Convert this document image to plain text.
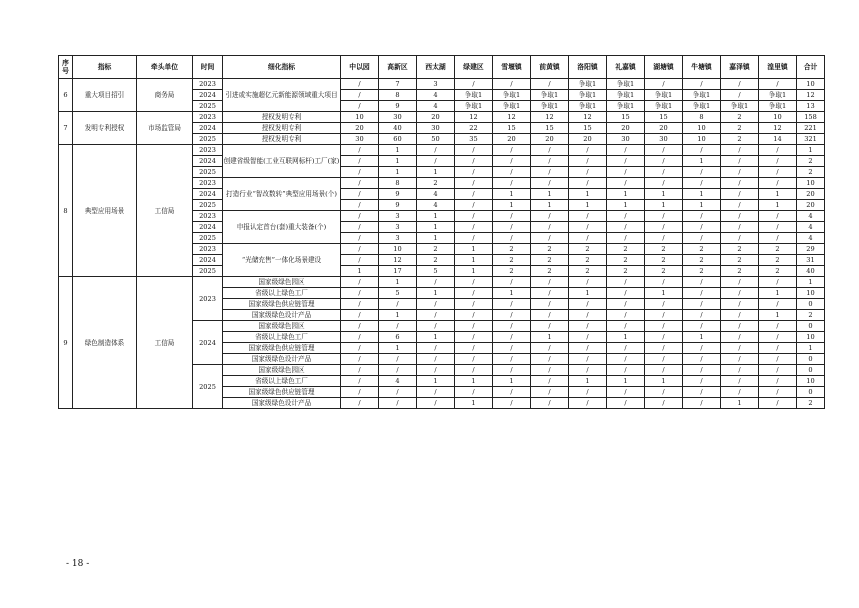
序号	指标	牵头单位	时间	细化指标	中以园	高新区	西太湖	绿建区	雪堰镇	前黄镇	洛阳镇	礼嘉镇	湖塘镇	牛塘镇	嘉泽镇	湟里镇	合计
6	重大项目招引	商务局	2023	引进或实施超亿元新能源领域重大项目	/	7	3	/	/	/	争取1	争取1	/	/	/	/	10
			2024		/	8	4	争取1	争取1	争取1	争取1	争取1	争取1	争取1	/	争取1	12
			2025		/	9	4	争取1	争取1	争取1	争取1	争取1	争取1	争取1	争取1	争取1	13
7	发明专利授权	市场监管局	2023	授权发明专利	10	30	20	12	12	12	12	15	15	8	2	10	158
			2024	授权发明专利	20	40	30	22	15	15	15	20	20	10	2	12	221
			2025	授权发明专利	30	60	50	35	20	20	20	30	30	10	2	14	321
8	典型应用场景	工信局	2023	创建省级智能(工业互联网标杆)工厂(家)	/	1	/	/	/	/	/	/	/	/	/	/	1
			2024		/	1	/	/	/	/	/	/	/	1	/	/	2
			2025		/	1	1	/	/	/	/	/	/	/	/	/	2
			2023	打造行业“智改数转”典型应用场景(个)	/	8	2	/	/	/	/	/	/	/	/	/	10
			2024		/	9	4	/	1	1	1	1	1	1	/	1	20
			2025		/	9	4	/	1	1	1	1	1	1	/	1	20
			2023	申报认定首台(套)重大装备(个)	/	3	1	/	/	/	/	/	/	/	/	/	4
			2024		/	3	1	/	/	/	/	/	/	/	/	/	4
			2025		/	3	1	/	/	/	/	/	/	/	/	/	4
			2023	“光储充售”一体化场景建设	/	10	2	1	2	2	2	2	2	2	2	2	29
			2024		/	12	2	1	2	2	2	2	2	2	2	2	31
			2025		1	17	5	1	2	2	2	2	2	2	2	2	40
9	绿色制造体系	工信局	2023	国家级绿色园区	/	1	/	/	/	/	/	/	/	/	/	/	1
				省级以上绿色工厂	/	5	1	/	1	/	1	/	1	/	/	1	10
				国家级绿色供应链管理	/	/	/	/	/	/	/	/	/	/	/	/	0
				国家级绿色设计产品	/	1	/	/	/	/	/	/	/	/	/	1	2
			2024	国家级绿色园区	/	/	/	/	/	/	/	/	/	/	/	/	0
				省级以上绿色工厂	/	6	1	/	/	1	/	1	/	1	/	/	10
				国家级绿色供应链管理	/	1	/	/	/	/	/	/	/	/	/	/	1
				国家级绿色设计产品	/	/	/	/	/	/	/	/	/	/	/	/	0
			2025	国家级绿色园区	/	/	/	/	/	/	/	/	/	/	/	/	0
				省级以上绿色工厂	/	4	1	1	1	/	1	1	1	/	/	/	10
				国家级绿色供应链管理	/	/	/	/	/	/	/	/	/	/	/	/	0
				国家级绿色设计产品	/	/	/	1	/	/	/	/	/	/	1	/	2
- 18 -
